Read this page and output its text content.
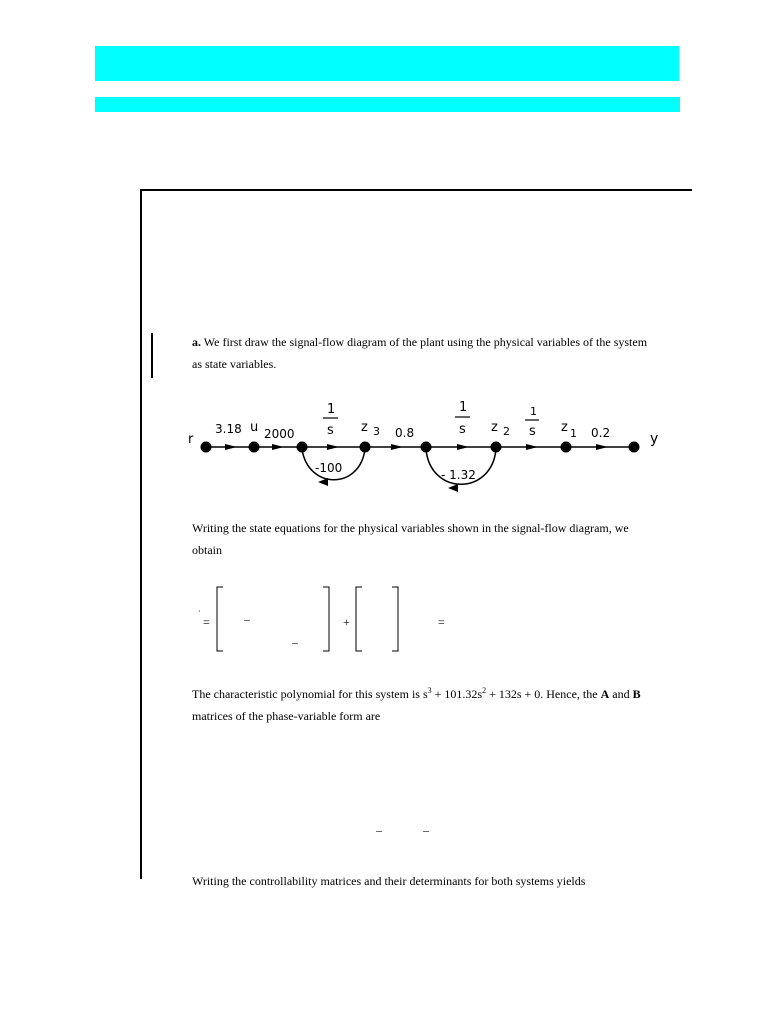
a. We first draw the signal-flow diagram of the plant using the physical variables of the system
as state variables.
r
u	z 3	z 2	z 1	y
3.18 2000	0.8	0.2
-100	- 1.32
1
s
1
s
1
s
·
=	–
–
+	=
–	–
Writing the state equations for the physical variables shown in the signal-flow diagram, we
obtain
The characteristic polynomial for this system is $s^3 + 101.32s^2 + 132s + 0$. Hence, the A and B
matrices of the phase-variable form are
Writing the controllability matrices and their determinants for both systems yields
